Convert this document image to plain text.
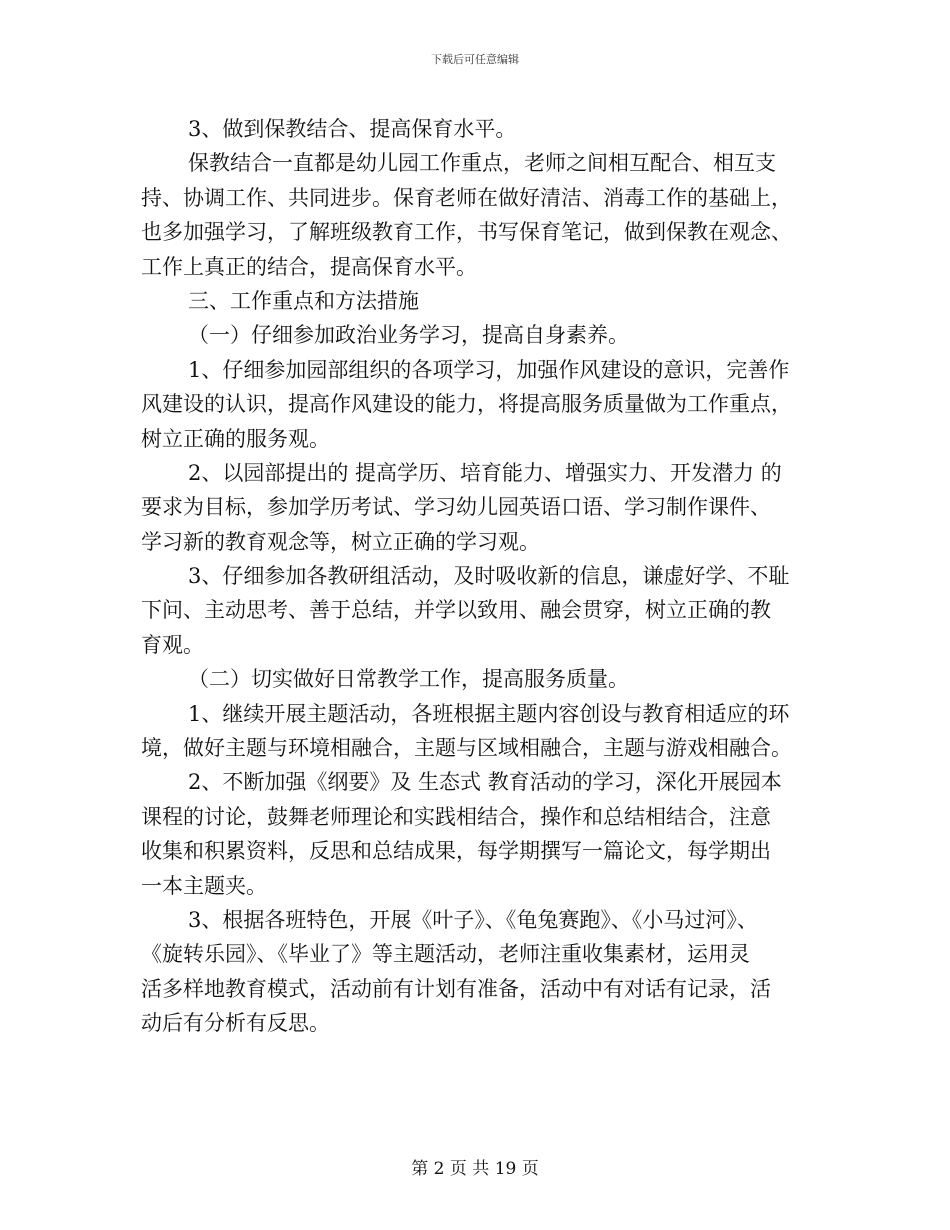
下载后可任意编辑
3、做到保教结合、提高保育水平。
保教结合一直都是幼儿园工作重点，老师之间相互配合、相互支
持、协调工作、共同进步。保育老师在做好清洁、消毒工作的基础上，
也多加强学习，了解班级教育工作，书写保育笔记，做到保教在观念、
工作上真正的结合，提高保育水平。
三、工作重点和方法措施
（一）仔细参加政治业务学习，提高自身素养。
1、仔细参加园部组织的各项学习，加强作风建设的意识，完善作
风建设的认识，提高作风建设的能力，将提高服务质量做为工作重点，
树立正确的服务观。
2、以园部提出的 提高学历、培育能力、增强实力、开发潜力 的
要求为目标，参加学历考试、学习幼儿园英语口语、学习制作课件、
学习新的教育观念等，树立正确的学习观。
3、仔细参加各教研组活动，及时吸收新的信息，谦虚好学、不耻
下问、主动思考、善于总结，并学以致用、融会贯穿，树立正确的教
育观。
（二）切实做好日常教学工作，提高服务质量。
1、继续开展主题活动，各班根据主题内容创设与教育相适应的环
境，做好主题与环境相融合，主题与区域相融合，主题与游戏相融合。
2、不断加强《纲要》及 生态式 教育活动的学习，深化开展园本
课程的讨论，鼓舞老师理论和实践相结合，操作和总结相结合，注意
收集和积累资料，反思和总结成果，每学期撰写一篇论文，每学期出
一本主题夹。
3、根据各班特色，开展《叶子》、《龟兔赛跑》、《小马过河》、
《旋转乐园》、《毕业了》等主题活动，老师注重收集素材，运用灵
活多样地教育模式，活动前有计划有准备，活动中有对话有记录，活
动后有分析有反思。
第 2 页 共 19 页
